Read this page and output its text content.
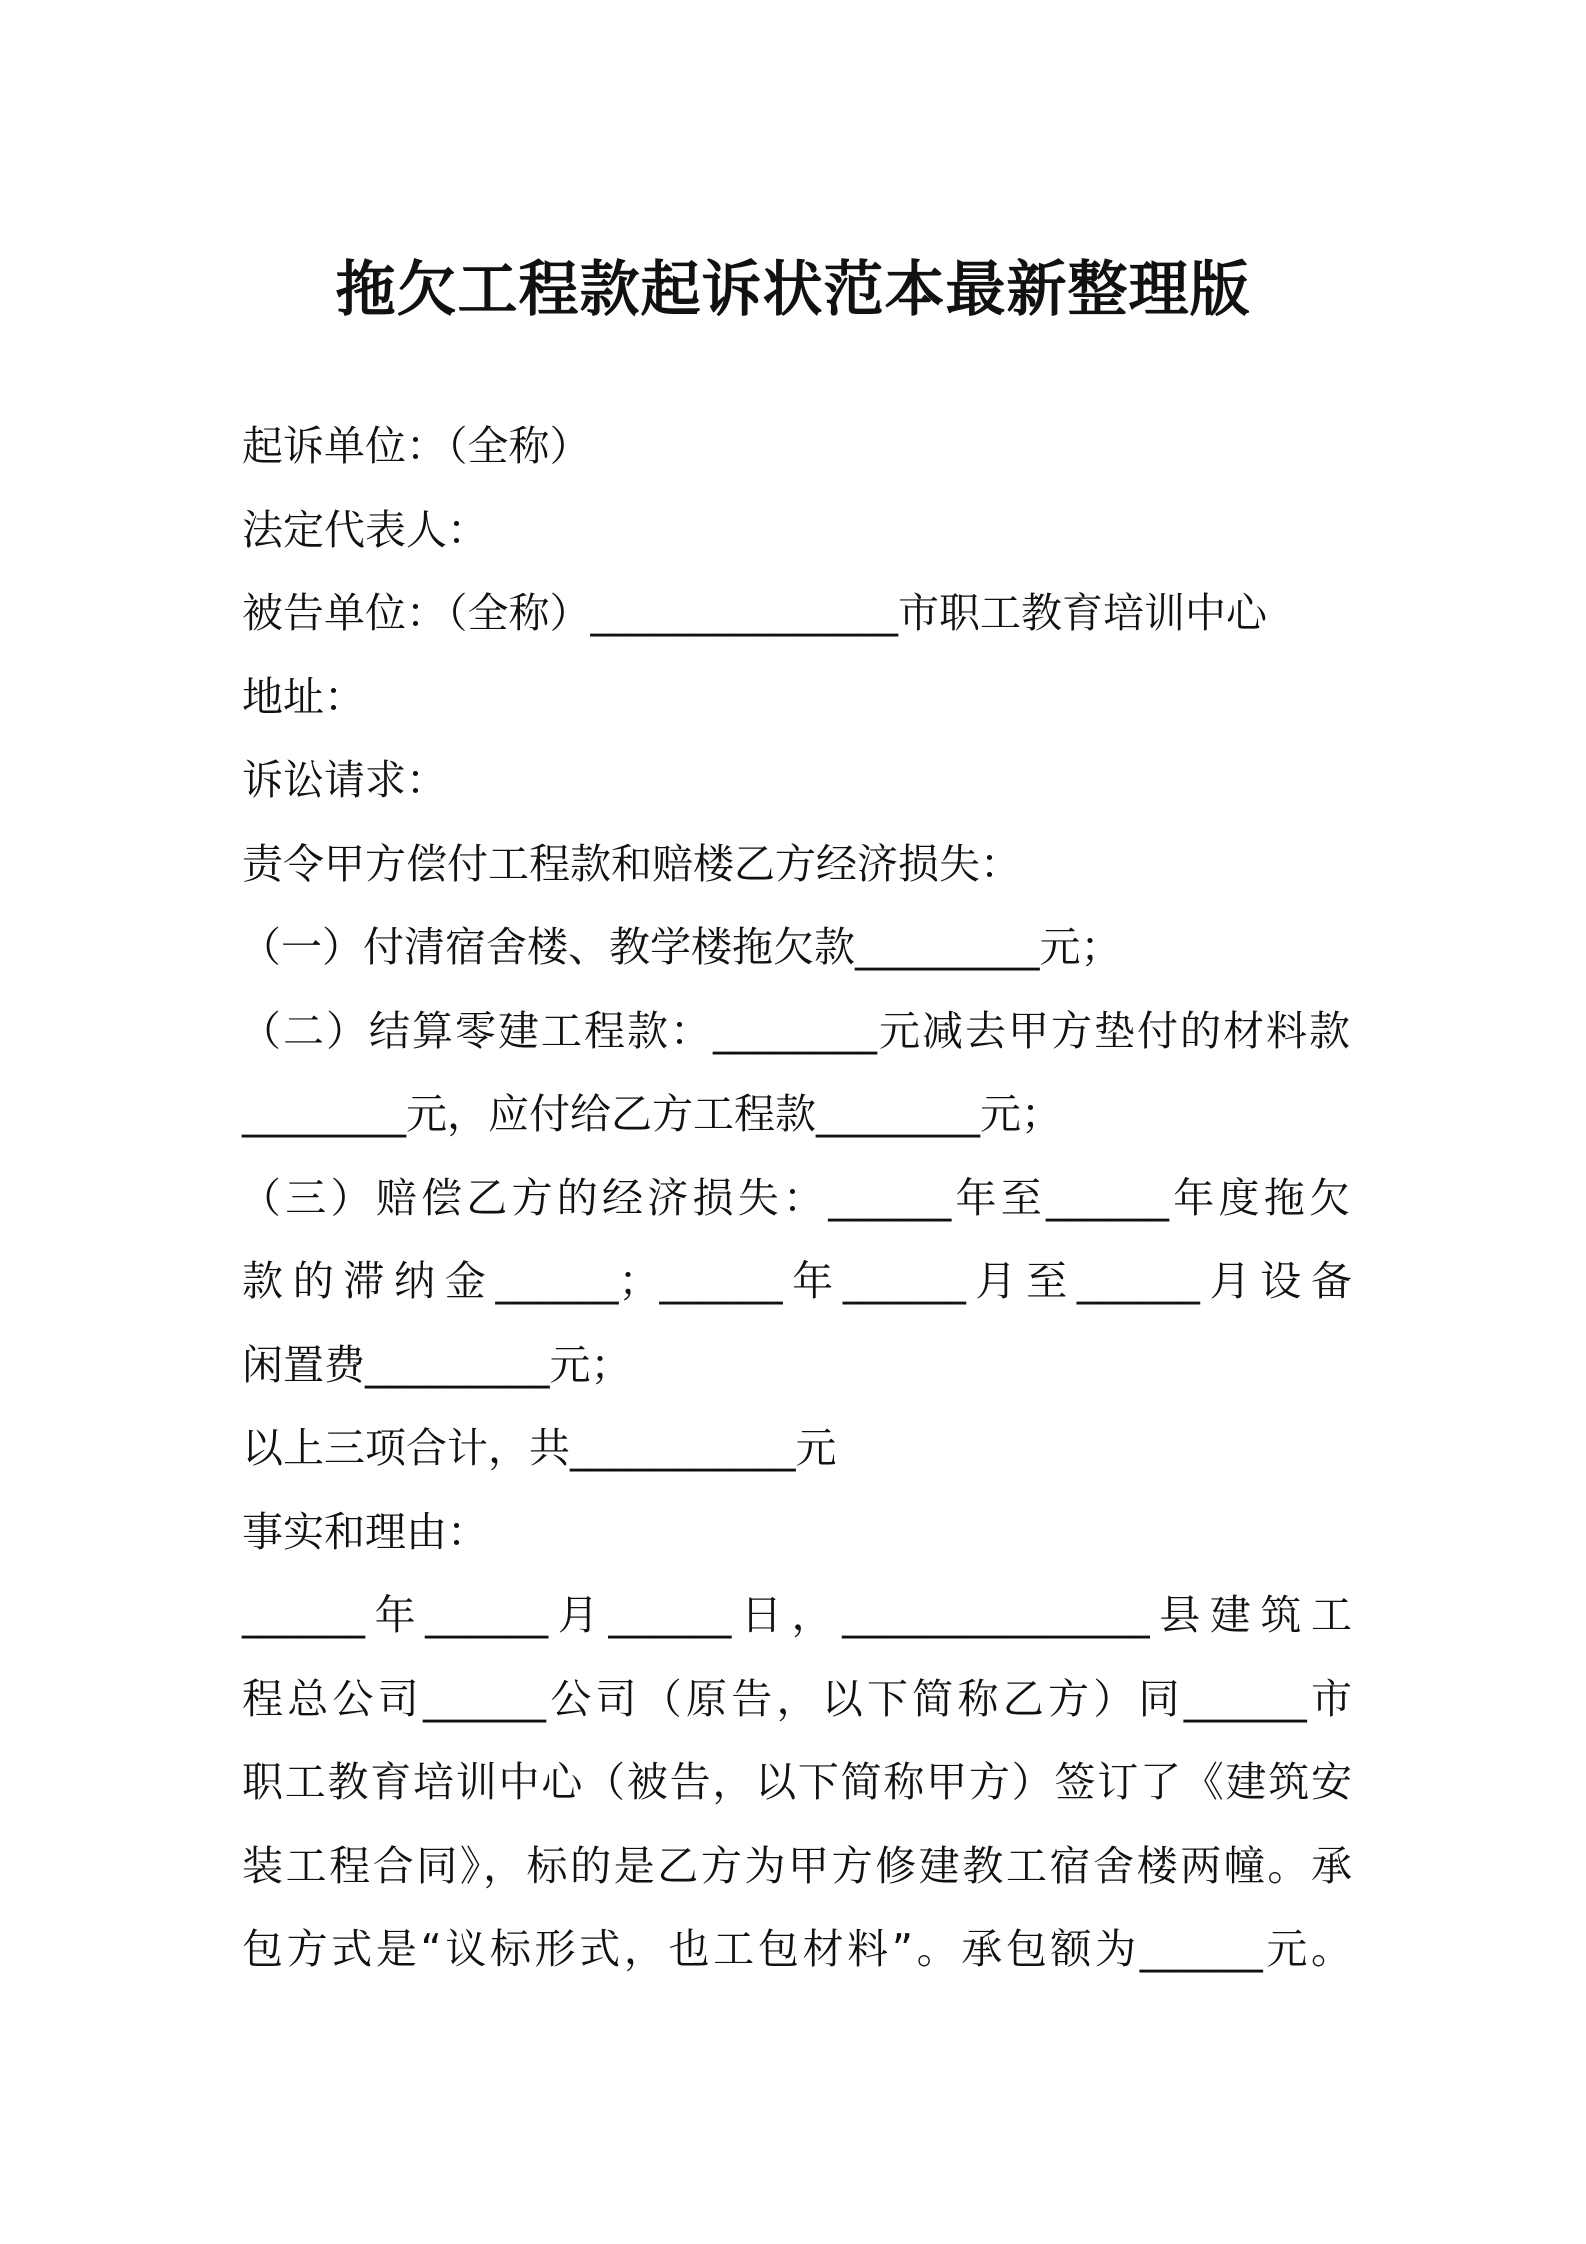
拖欠工程款起诉状范本最新整理版
起诉单位：（全称）
法定代表人：
被告单位：（全称）_______________市职工教育培训中心
地址：
诉讼请求：
责令甲方偿付工程款和赔楼乙方经济损失：
（一）付清宿舍楼、教学楼拖欠款_________元；
（二）结算零建工程款：________元减去甲方垫付的材料款
________元，应付给乙方工程款________元；
（三）赔偿乙方的经济损失：______年至______年度拖欠
款的滞纳金______；______年______月至______月设备
闲置费_________元；
以上三项合计，共___________元
事实和理由：
______年______月______日，_______________县建筑工
程总公司______公司（原告，以下简称乙方）同______市
职工教育培训中心（被告，以下简称甲方）签订了《建筑安
装工程合同》，标的是乙方为甲方修建教工宿舍楼两幢。承
包方式是“议标形式，也工包材料”。承包额为______元。
